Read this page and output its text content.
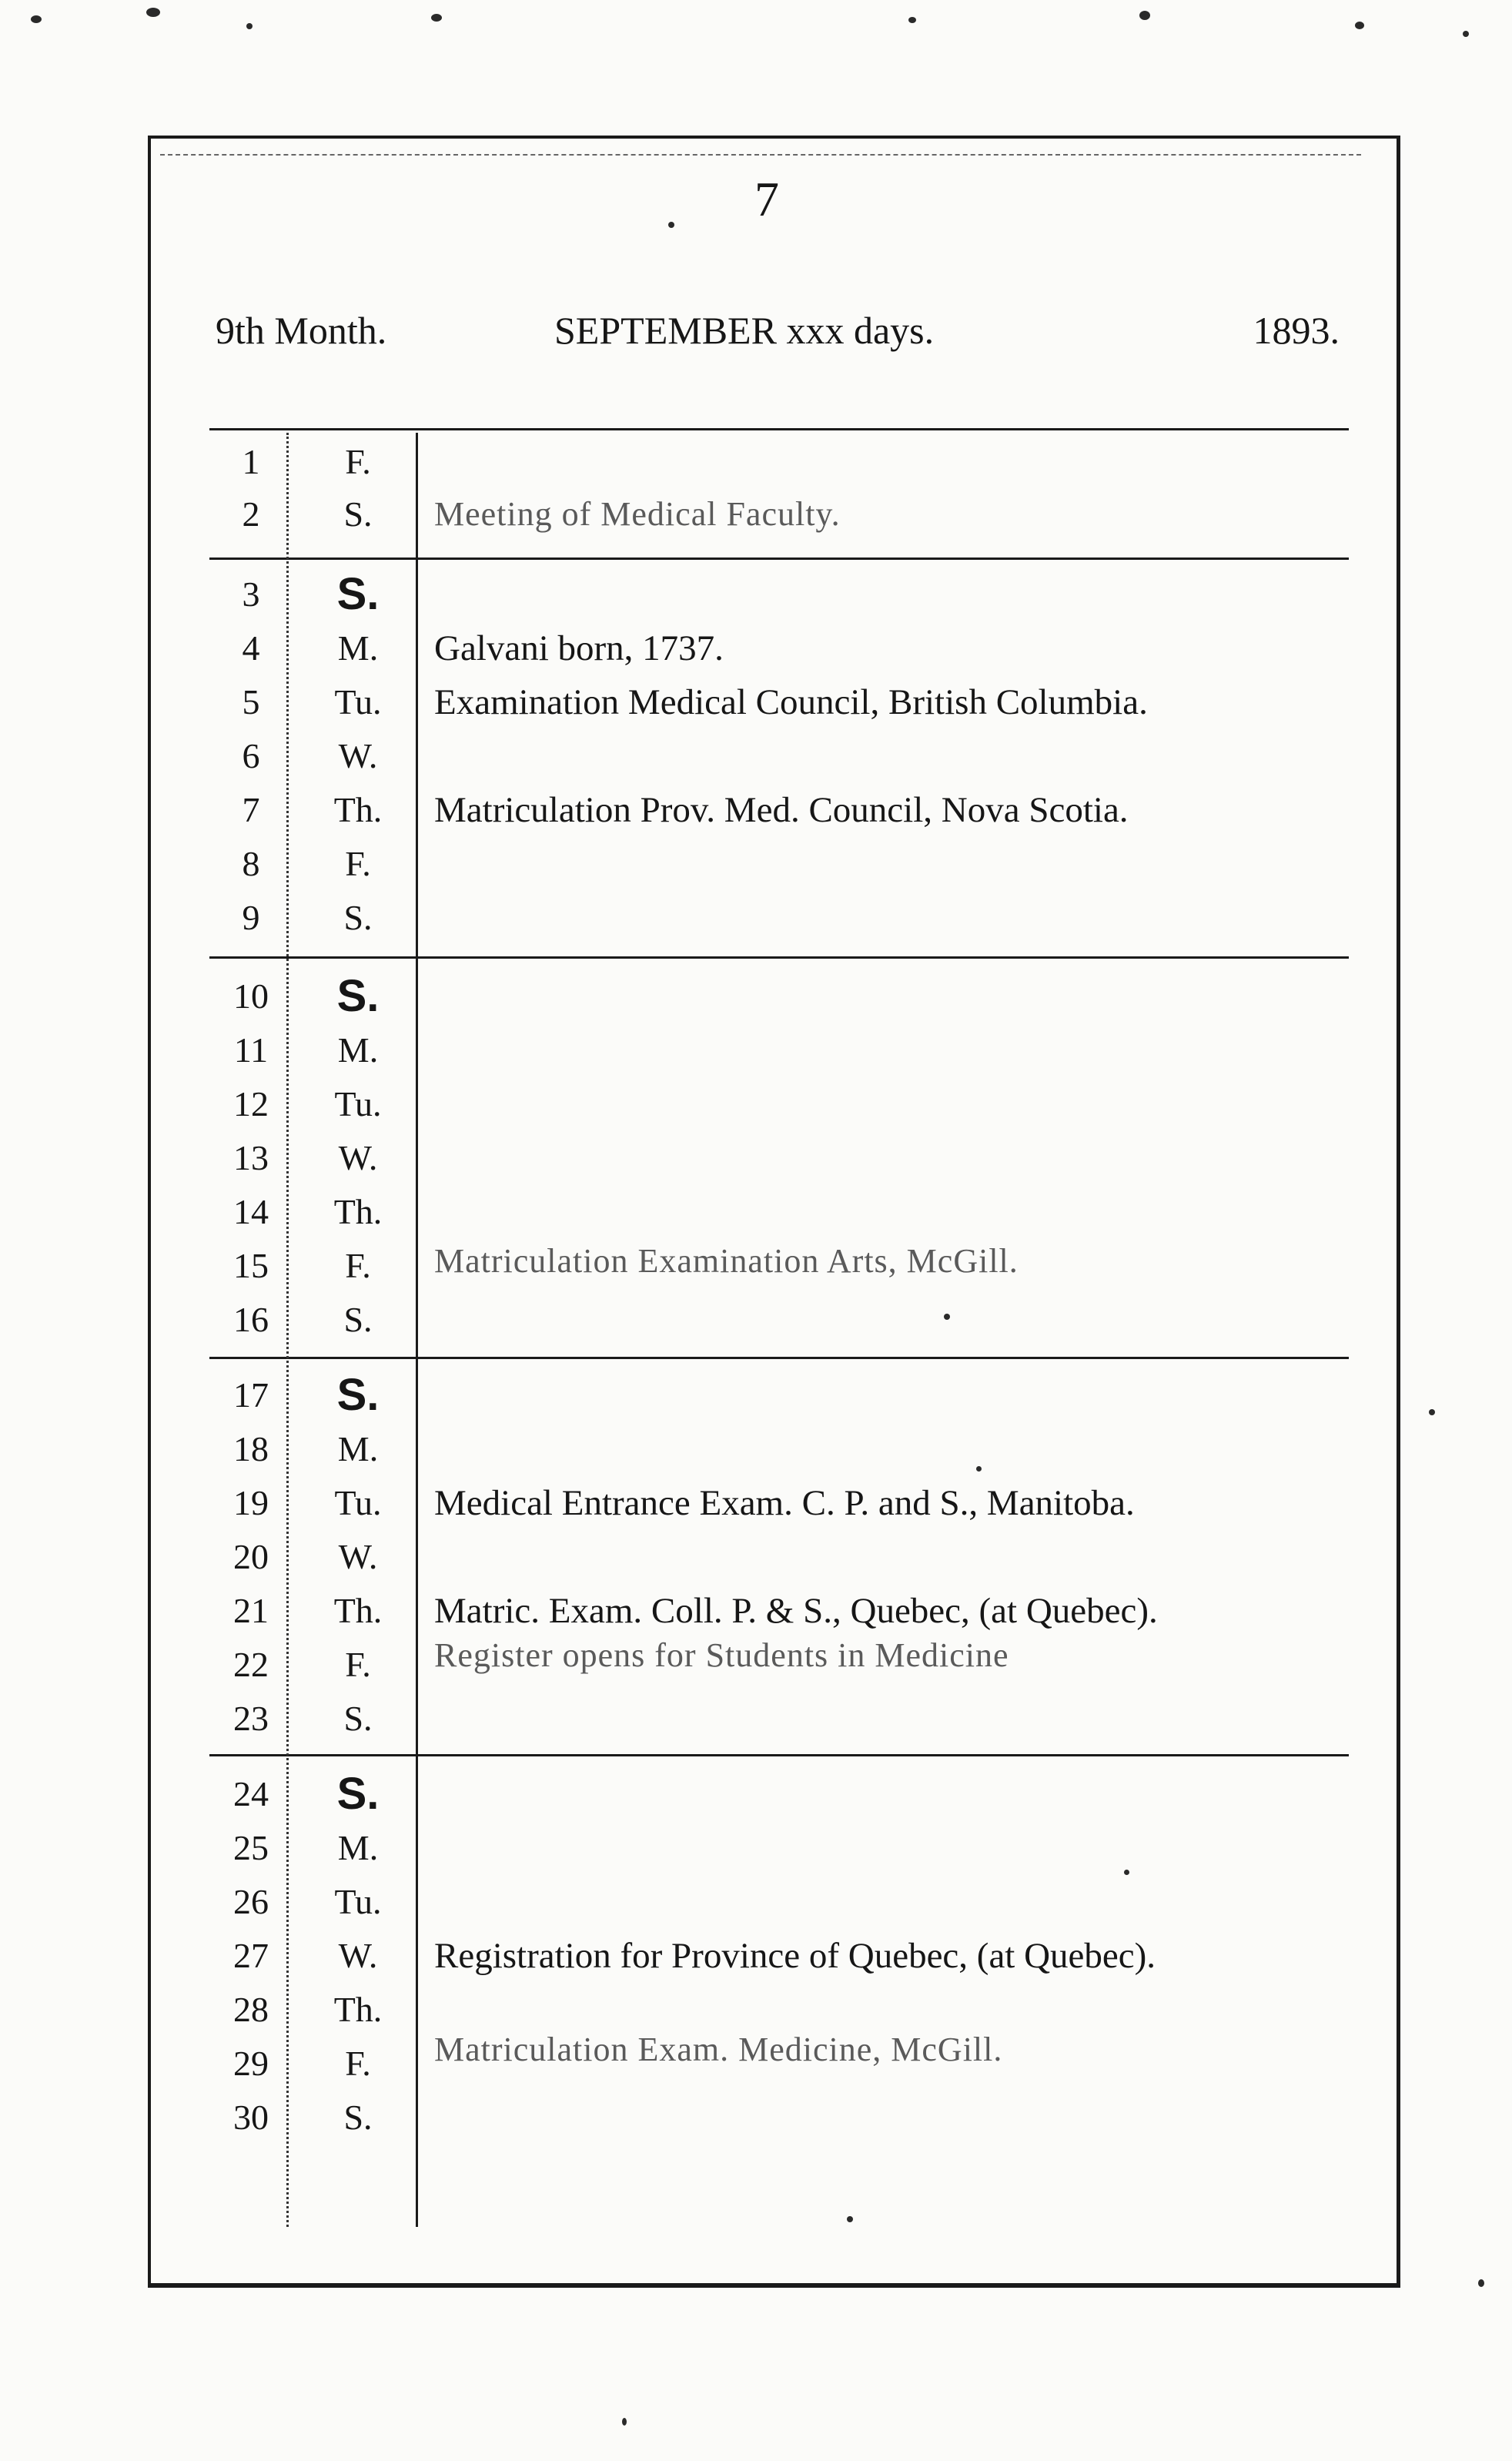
7
9th Month.	SEPTEMBER xxx days.	1893.
1	F.
2	S.	Meeting of Medical Faculty.
3	S.
4	M.	Galvani born, 1737.
5	Tu.	Examination Medical Council, British Columbia.
6	W.
7	Th.	Matriculation Prov. Med. Council, Nova Scotia.
8	F.
9	S.
10	S.
11	M.
12	Tu.
13	W.
14	Th.
15	F.	Matriculation Examination Arts, McGill.
16	S.
17	S.
18	M.
19	Tu.	Medical Entrance Exam. C. P. and S., Manitoba.
20	W.
21	Th.	Matric. Exam. Coll. P. & S., Quebec, (at Quebec).
22	F.	Register opens for Students in Medicine
23	S.
24	S.
25	M.
26	Tu.
27	W.	Registration for Province of Quebec, (at Quebec).
28	Th.
29	F.	Matriculation Exam. Medicine, McGill.
30	S.
